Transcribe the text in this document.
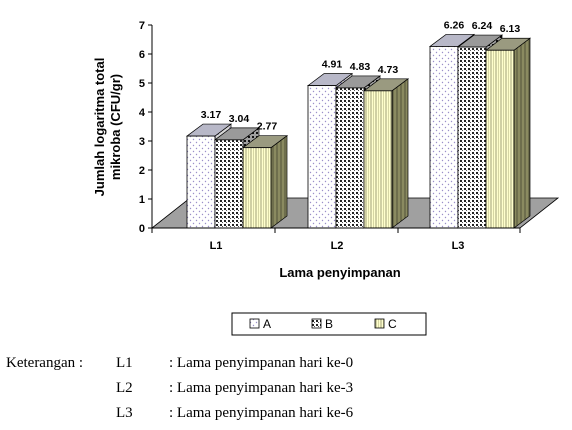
0
1
2
3
4
5
6
7
3.17 3.04
2.77
4.91 4.83 4.73
6.26 6.24 6.13
L1	L2	L3
Jumlah logaritma totalmikroba (CFU/gr)
Lama penyimpanan
A	B	C
Keterangan : L1 : Lama penyimpanan hari ke-0
L2 : Lama penyimpanan hari ke-3
L3 : Lama penyimpanan hari ke-6
